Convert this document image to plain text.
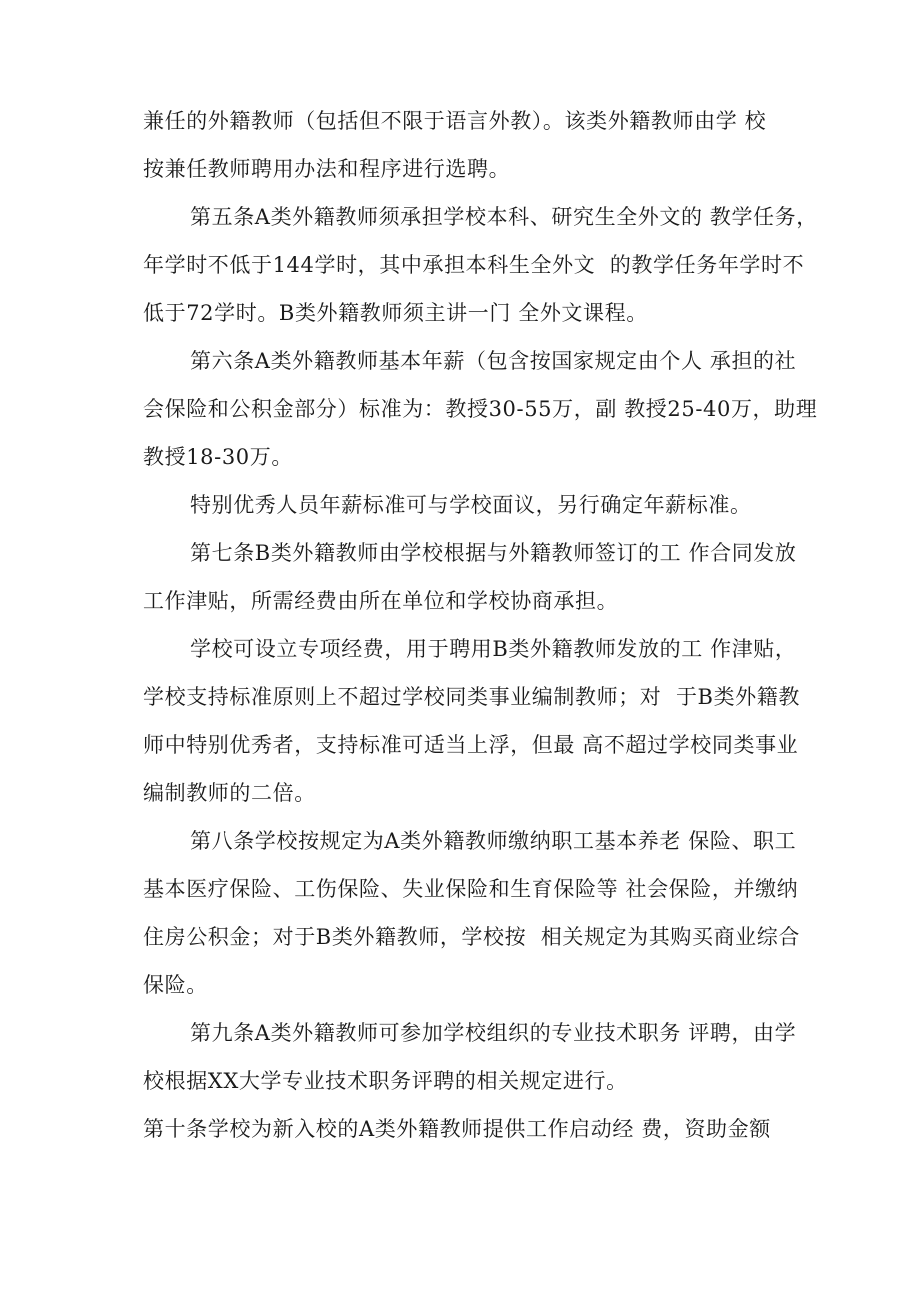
兼任的外籍教师（包括但不限于语言外教）。该类外籍教师由学 校
按兼任教师聘用办法和程序进行选聘。
第五条A类外籍教师须承担学校本科、研究生全外文的 教学任务，
年学时不低于144学时，其中承担本科生全外文  的教学任务年学时不
低于72学时。B类外籍教师须主讲一门 全外文课程。
第六条A类外籍教师基本年薪（包含按国家规定由个人 承担的社
会保险和公积金部分）标准为：教授30-55万，副 教授25-40万，助理
教授18-30万。
特别优秀人员年薪标准可与学校面议，另行确定年薪标准。
第七条B类外籍教师由学校根据与外籍教师签订的工 作合同发放
工作津贴，所需经费由所在单位和学校协商承担。
学校可设立专项经费，用于聘用B类外籍教师发放的工 作津贴，
学校支持标准原则上不超过学校同类事业编制教师；对  于B类外籍教
师中特别优秀者，支持标准可适当上浮，但最 高不超过学校同类事业
编制教师的二倍。
第八条学校按规定为A类外籍教师缴纳职工基本养老 保险、职工
基本医疗保险、工伤保险、失业保险和生育保险等 社会保险，并缴纳
住房公积金；对于B类外籍教师，学校按  相关规定为其购买商业综合
保险。
第九条A类外籍教师可参加学校组织的专业技术职务 评聘，由学
校根据XX大学专业技术职务评聘的相关规定进行。
第十条学校为新入校的A类外籍教师提供工作启动经 费，资助金额
